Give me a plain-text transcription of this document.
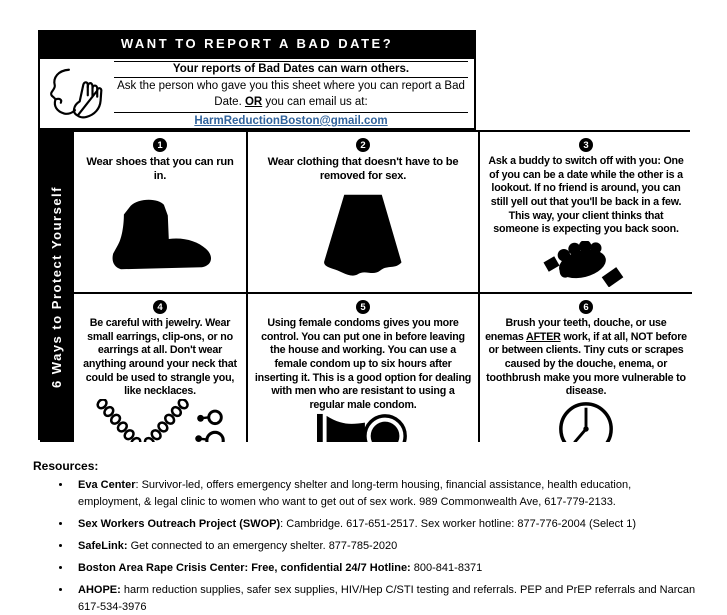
WANT TO REPORT A BAD DATE?
Your reports of Bad Dates can warn others.
Ask the person who gave you this sheet where you can report a Bad Date. OR you can email us at:
HarmReductionBoston@gmail.com
6 Ways to Protect Yourself
1
Wear shoes that you can run in.
2
Wear clothing that doesn't have to be removed for sex.
3
Ask a buddy to switch off with you: One of you can be a date while the other is a lookout. If no friend is around, you can still yell out that you'll be back in a few. This way, your client thinks that someone is expecting you back soon.
4
Be careful with jewelry. Wear small earrings, clip-ons, or no earrings at all. Don't wear anything around your neck that could be used to strangle you, like necklaces.
5
Using female condoms gives you more control. You can put one in before leaving the house and working. You can use a female condom up to six hours after inserting it. This is a good option for dealing with men who are resistant to using a regular male condom.
6
Brush your teeth, douche, or use enemas AFTER work, if at all, NOT before or between clients. Tiny cuts or scrapes caused by the douche, enema, or toothbrush make you more vulnerable to disease.
Resources:
• Eva Center: Survivor-led, offers emergency shelter and long-term housing, financial assistance, health education, employment, & legal clinic to women who want to get out of sex work. 989 Commonwealth Ave, 617-779-2133.
• Sex Workers Outreach Project (SWOP): Cambridge. 617-651-2517. Sex worker hotline: 877-776-2004 (Select 1)
• SafeLink: Get connected to an emergency shelter. 877-785-2020
• Boston Area Rape Crisis Center: Free, confidential 24/7 Hotline: 800-841-8371
• AHOPE: harm reduction supplies, safer sex supplies, HIV/Hep C/STI testing and referrals. PEP and PrEP referrals and Narcan 617-534-3976
